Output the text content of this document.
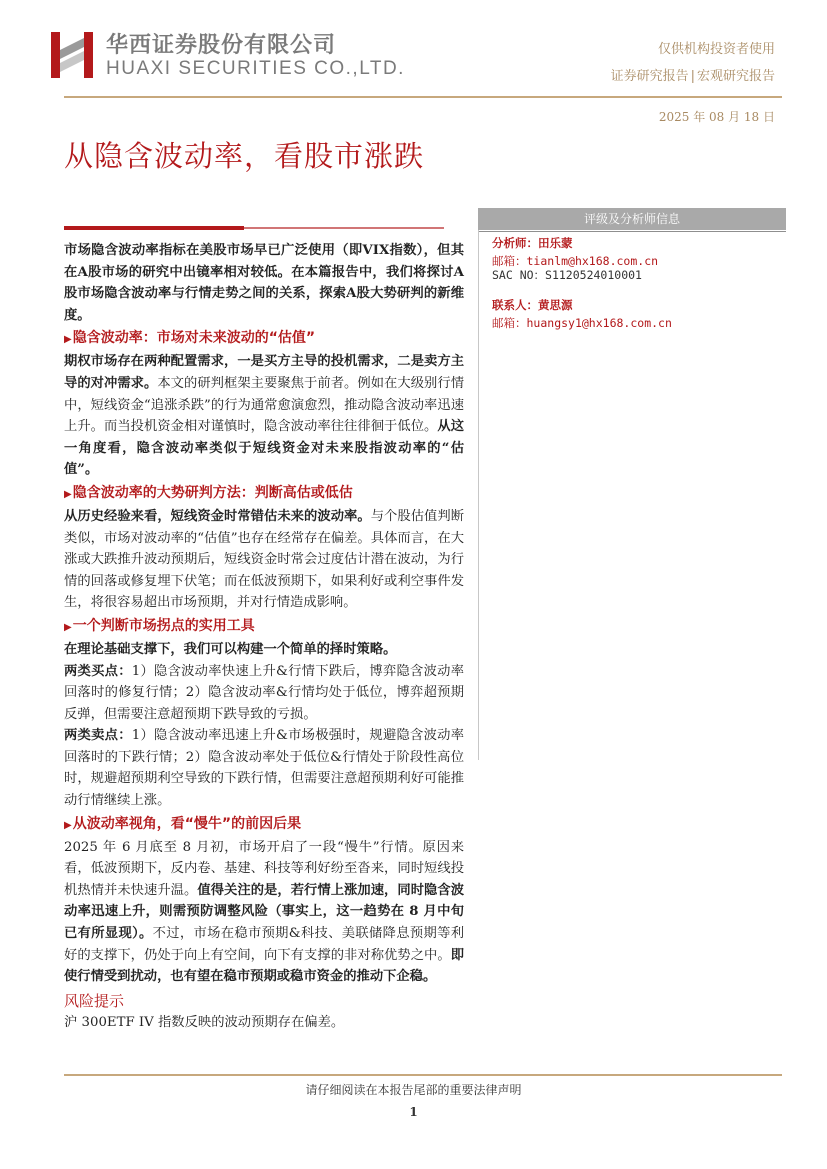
华西证券股份有限公司
HUAXI SECURITIES CO.,LTD.
仅供机构投资者使用
证券研究报告 | 宏观研究报告
2025 年 08 月 18 日
从隐含波动率，看股市涨跌
评级及分析师信息
分析师：田乐蒙
邮箱：tianlm@hx168.com.cn
SAC NO：S1120524010001
联系人：黄思源
邮箱：huangsy1@hx168.com.cn
市场隐含波动率指标在美股市场早已广泛使用（即VIX指数），但其在A股市场的研究中出镜率相对较低。在本篇报告中，我们将探讨A股市场隐含波动率与行情走势之间的关系，探索A股大势研判的新维度。
▶隐含波动率：市场对未来波动的“估值”
期权市场存在两种配置需求，一是买方主导的投机需求，二是卖方主导的对冲需求。本文的研判框架主要聚焦于前者。例如在大级别行情中，短线资金“追涨杀跌”的行为通常愈演愈烈，推动隐含波动率迅速上升。而当投机资金相对谨慎时，隐含波动率往往徘徊于低位。从这一角度看，隐含波动率类似于短线资金对未来股指波动率的“估值”。
▶隐含波动率的大势研判方法：判断高估或低估
从历史经验来看，短线资金时常错估未来的波动率。与个股估值判断类似，市场对波动率的“估值”也存在经常存在偏差。具体而言，在大涨或大跌推升波动预期后，短线资金时常会过度估计潜在波动，为行情的回落或修复埋下伏笔；而在低波预期下，如果利好或利空事件发生，将很容易超出市场预期，并对行情造成影响。
▶一个判断市场拐点的实用工具
在理论基础支撑下，我们可以构建一个简单的择时策略。
两类买点：1）隐含波动率快速上升&行情下跌后，博弈隐含波动率回落时的修复行情；2）隐含波动率&行情均处于低位，博弈超预期反弹，但需要注意超预期下跌导致的亏损。
两类卖点：1）隐含波动率迅速上升&市场极强时，规避隐含波动率回落时的下跌行情；2）隐含波动率处于低位&行情处于阶段性高位时，规避超预期利空导致的下跌行情，但需要注意超预期利好可能推动行情继续上涨。
▶从波动率视角，看“慢牛”的前因后果
2025 年 6 月底至 8 月初，市场开启了一段“慢牛”行情。原因来看，低波预期下，反内卷、基建、科技等利好纷至沓来，同时短线投机热情并未快速升温。值得关注的是，若行情上涨加速，同时隐含波动率迅速上升，则需预防调整风险（事实上，这一趋势在 8 月中旬已有所显现）。不过，市场在稳市预期&科技、美联储降息预期等利好的支撑下，仍处于向上有空间，向下有支撑的非对称优势之中。即使行情受到扰动，也有望在稳市预期或稳市资金的推动下企稳。
风险提示
沪 300ETF IV 指数反映的波动预期存在偏差。
请仔细阅读在本报告尾部的重要法律声明
1
